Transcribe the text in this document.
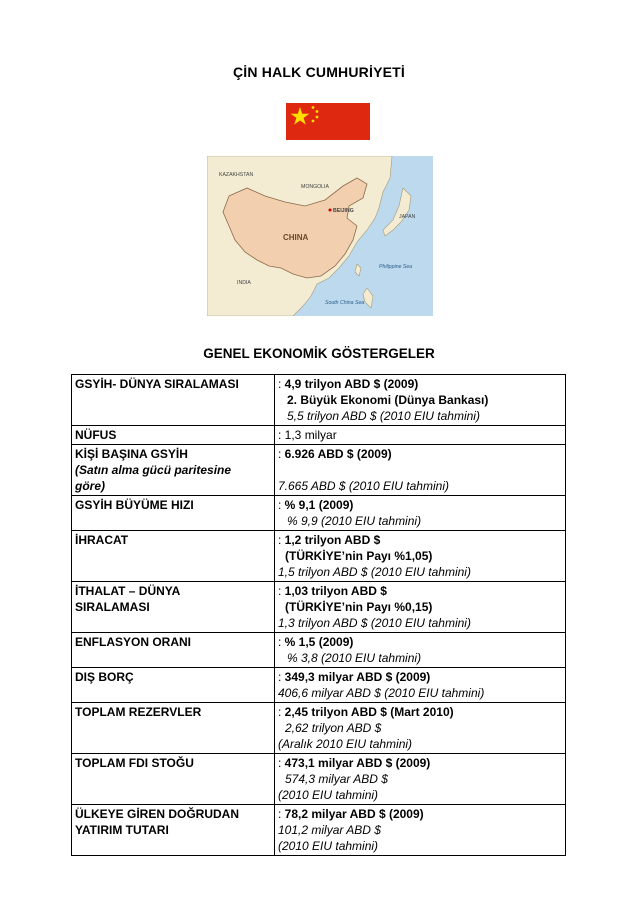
ÇİN HALK CUMHURİYETİ
KAZAKHSTAN
MONGOLIA
BEIJING
CHINA
INDIA
JAPAN
Philippine Sea
South China Sea
GENEL EKONOMİK GÖSTERGELER
GSYİH- DÜNYA SIRALAMASI	: 4,9 trilyon ABD $ (2009)
2. Büyük Ekonomi (Dünya Bankası)
5,5 trilyon ABD $ (2010 EIU tahmini)

NÜFUS	: 1,3 milyar

KİŞİ BAŞINA GSYİH
(Satın alma gücü paritesine
göre)	: 6.926 ABD $ (2009)

7.665 ABD $ (2010 EIU tahmini)

GSYİH BÜYÜME HIZI	: % 9,1 (2009)
% 9,9 (2010 EIU tahmini)

İHRACAT	: 1,2 trilyon ABD $
(TÜRKİYE’nin Payı %1,05)
1,5 trilyon ABD $ (2010 EIU tahmini)

İTHALAT – DÜNYA
SIRALAMASI	: 1,03 trilyon ABD $
(TÜRKİYE’nin Payı %0,15)
1,3 trilyon ABD $ (2010 EIU tahmini)

ENFLASYON ORANI	: % 1,5 (2009)
% 3,8 (2010 EIU tahmini)

DIŞ BORÇ	: 349,3 milyar ABD $ (2009)
406,6 milyar ABD $ (2010 EIU tahmini)

TOPLAM REZERVLER	: 2,45 trilyon ABD $ (Mart 2010)
2,62 trilyon ABD $
(Aralık 2010 EIU tahmini)

TOPLAM FDI STOĞU	: 473,1 milyar ABD $ (2009)
574,3 milyar ABD $
(2010 EIU tahmini)

ÜLKEYE GİREN DOĞRUDAN
YATIRIM TUTARI	: 78,2 milyar ABD $ (2009)
101,2 milyar ABD $
(2010 EIU tahmini)
